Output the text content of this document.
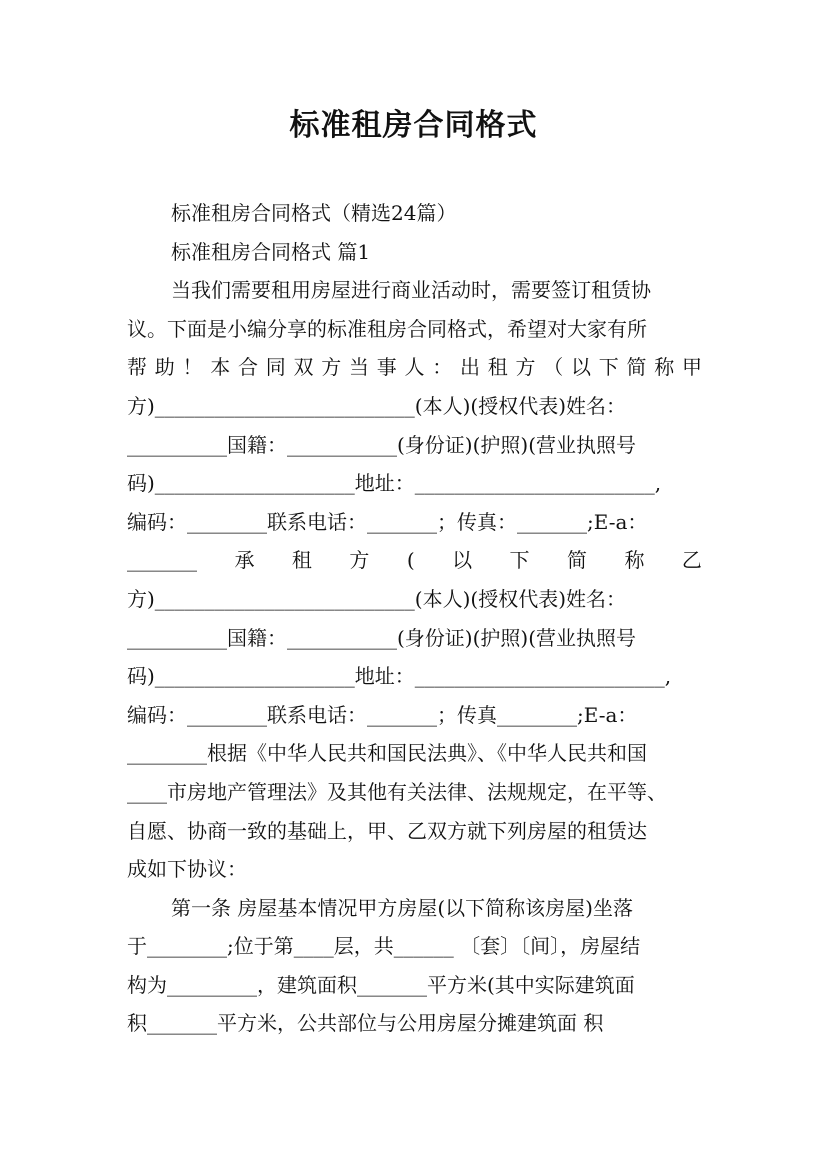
标准租房合同格式
标准租房合同格式（精选24篇）
标准租房合同格式 篇1
当我们需要租用房屋进行商业活动时，需要签订租赁协
议。下面是小编分享的标准租房合同格式，希望对大家有所
帮 助 ！ 本 合 同 双 方 当 事 人 ： 出 租 方 （ 以 下 简 称 甲
方)__________________________(本人)(授权代表)姓名：
__________国籍：___________(身份证)(护照)(营业执照号
码)____________________地址：________________________,
编码：________联系电话：_______；传真：_______;E-a：
_______ 承 租 方 ( 以 下 简 称 乙
方)__________________________(本人)(授权代表)姓名：
__________国籍：___________(身份证)(护照)(营业执照号
码)____________________地址：_________________________,
编码：________联系电话：_______；传真________;E-a：
________根据《中华人民共和国民法典》、《中华人民共和国
____市房地产管理法》及其他有关法律、法规规定，在平等、
自愿、协商一致的基础上，甲、乙双方就下列房屋的租赁达
成如下协议：
第一条 房屋基本情况甲方房屋(以下简称该房屋)坐落
于________;位于第____层，共______ 〔套〕〔间〕，房屋结
构为_________，建筑面积_______平方米(其中实际建筑面
积_______平方米，公共部位与公用房屋分摊建筑面 积
